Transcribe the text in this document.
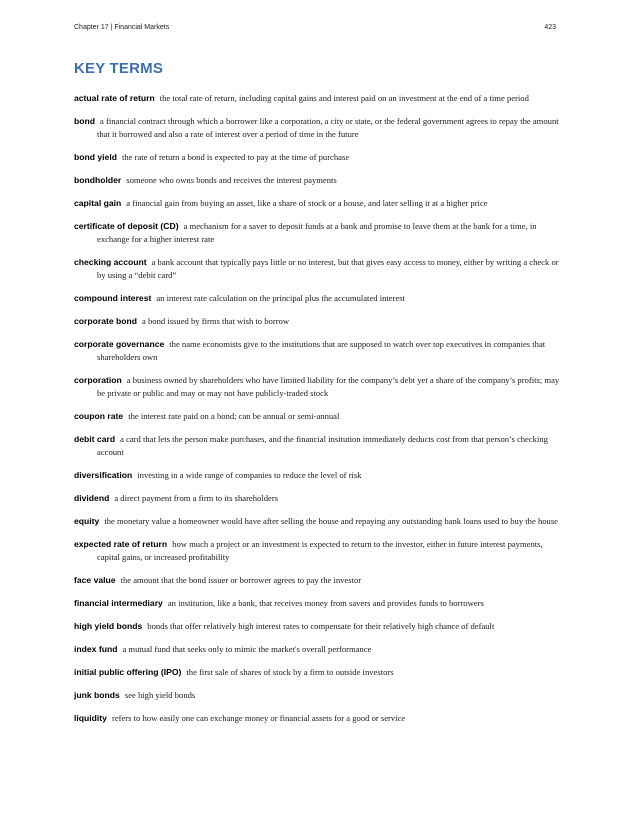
Chapter 17 | Financial Markets	423
KEY TERMS

actual rate of return the total rate of return, including capital gains and interest paid on an investment at the end of a time period

bond a financial contract through which a borrower like a corporation, a city or state, or the federal government agrees to repay the amount that it borrowed and also a rate of interest over a period of time in the future

bond yield the rate of return a bond is expected to pay at the time of purchase

bondholder someone who owns bonds and receives the interest payments

capital gain a financial gain from buying an asset, like a share of stock or a house, and later selling it at a higher price

certificate of deposit (CD) a mechanism for a saver to deposit funds at a bank and promise to leave them at the bank for a time, in exchange for a higher interest rate

checking account a bank account that typically pays little or no interest, but that gives easy access to money, either by writing a check or by using a “debit card”

compound interest an interest rate calculation on the principal plus the accumulated interest

corporate bond a bond issued by firms that wish to borrow

corporate governance the name economists give to the institutions that are supposed to watch over top executives in companies that shareholders own

corporation a business owned by shareholders who have limited liability for the company’s debt yet a share of the company’s profits; may be private or public and may or may not have publicly-traded stock

coupon rate the interest rate paid on a bond; can be annual or semi-annual

debit card a card that lets the person make purchases, and the financial insitution immediately deducts cost from that person’s checking account

diversification investing in a wide range of companies to reduce the level of risk

dividend a direct payment from a firm to its shareholders

equity the monetary value a homeowner would have after selling the house and repaying any outstanding bank loans used to buy the house

expected rate of return how much a project or an investment is expected to return to the investor, either in future interest payments, capital gains, or increased profitability

face value the amount that the bond issuer or borrower agrees to pay the investor

financial intermediary an institution, like a bank, that receives money from savers and provides funds to borrowers

high yield bonds bonds that offer relatively high interest rates to compensate for their relatively high chance of default

index fund a mutual fund that seeks only to mimic the market's overall performance

initial public offering (IPO) the first sale of shares of stock by a firm to outside investors

junk bonds see high yield bonds

liquidity refers to how easily one can exchange money or financial assets for a good or service
